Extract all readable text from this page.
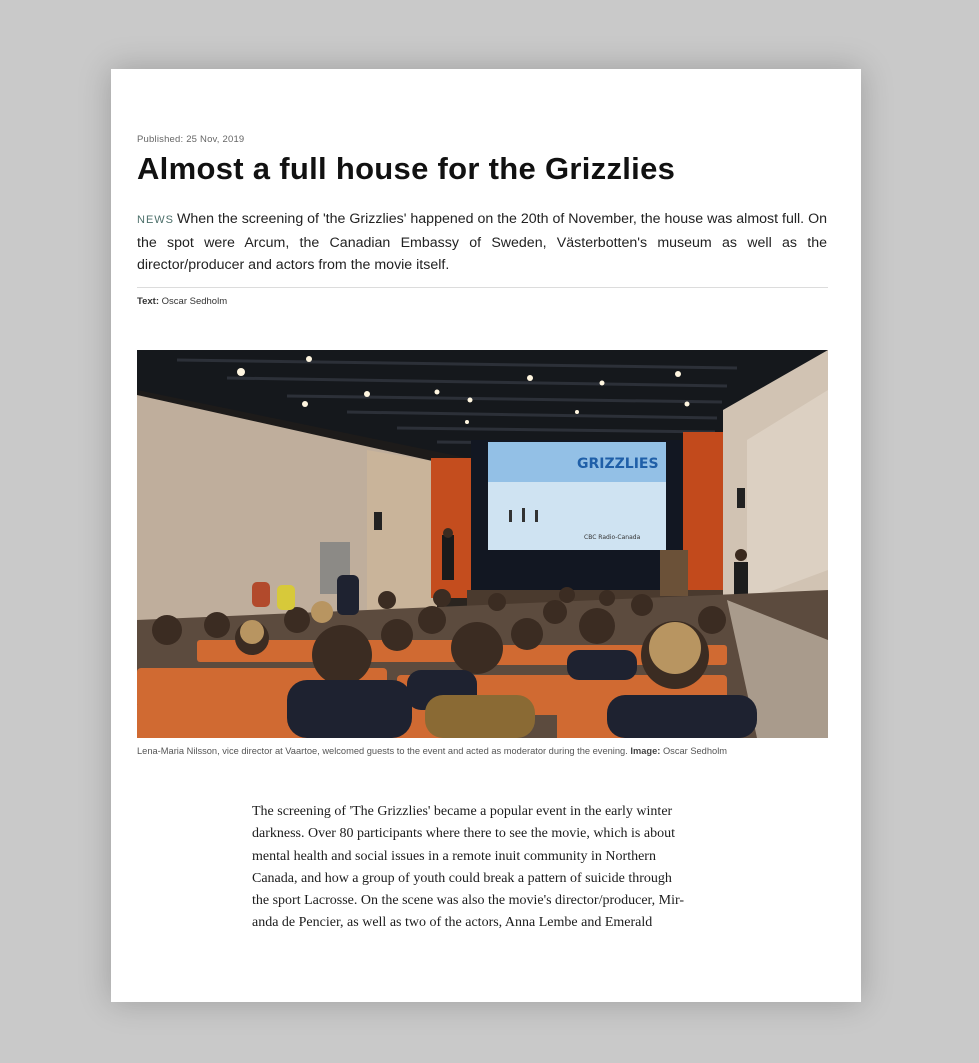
Published: 25 Nov, 2019
Almost a full house for the Grizzlies

NEWS When the screening of 'the Grizzlies' happened on the 20th of November, the house was almost full. On the spot were Arcum, the Canadian Embassy of Sweden, Västerbotten's museum as well as the director/producer and actors from the movie itself.

Text: Oscar Sedholm
GRIZZLIES
CBC Radio-Canada
Lena-Maria Nilsson, vice director at Vaartoe, welcomed guests to the event and acted as moderator during the evening. Image: Oscar Sedholm
The screening of 'The Grizzlies' became a popular event in the early winter
darkness. Over 80 participants where there to see the movie, which is about
mental health and social issues in a remote inuit community in Northern
Canada, and how a group of youth could break a pattern of suicide through
the sport Lacrosse. On the scene was also the movie's director/producer, Mir-
anda de Pencier, as well as two of the actors, Anna Lembe and Emerald
